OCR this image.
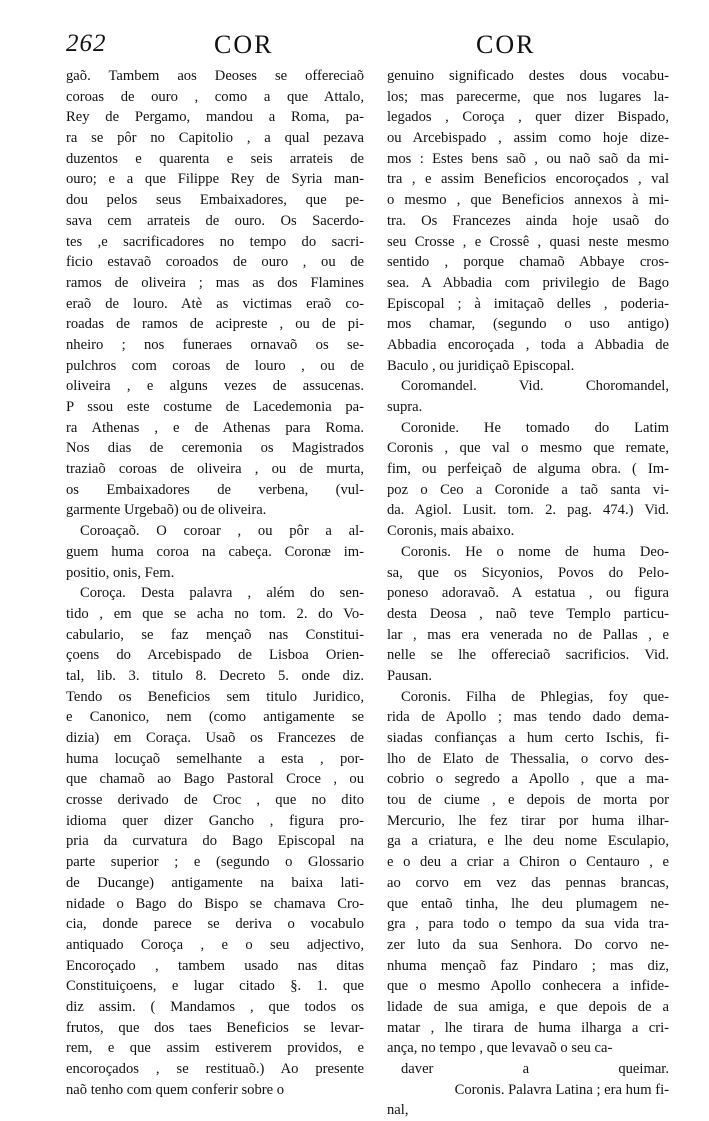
262	COR	COR
gaõ. Tambem aos Deoses se offereciaõ
coroas de ouro , como a que Attalo,
Rey de Pergamo, mandou a Roma, pa-
ra se pôr no Capitolio , a qual pezava
duzentos e quarenta e seis arrateis de
ouro; e a que Filippe Rey de Syria man-
dou pelos seus Embaixadores, que pe-
sava cem arrateis de ouro. Os Sacerdo-
tes ,e sacrificadores no tempo do sacri-
ficio estavaõ coroados de ouro , ou de
ramos de oliveira ; mas as dos Flamines
eraõ de louro. Atè as victimas eraõ co-
roadas de ramos de acipreste , ou de pi-
nheiro ; nos funeraes ornavaõ os se-
pulchros com coroas de louro , ou de
oliveira , e alguns vezes de assucenas.
P ssou este costume de Lacedemonia pa-
ra Athenas , e de Athenas para Roma.
Nos dias de ceremonia os Magistrados
traziaõ coroas de oliveira , ou de murta,
os Embaixadores de verbena, (vul-
garmente Urgebaõ) ou de oliveira.
Coroaçaõ. O coroar , ou pôr a al-
guem huma coroa na cabeça. Coronæ im-
positio, onis, Fem.
Coroça. Desta palavra , além do sen-
tido , em que se acha no tom. 2. do Vo-
cabulario, se faz mençaõ nas Constitui-
çoens do Arcebispado de Lisboa Orien-
tal, lib. 3. titulo 8. Decreto 5. onde diz.
Tendo os Beneficios sem titulo Juridico,
e Canonico, nem (como antigamente se
dizia) em Coraça. Usaõ os Francezes de
huma locuçaõ semelhante a esta , por-
que chamaõ ao Bago Pastoral Croce , ou
crosse derivado de Croc , que no dito
idioma quer dizer Gancho , figura pro-
pria da curvatura do Bago Episcopal na
parte superior ; e (segundo o Glossario
de Ducange) antigamente na baixa lati-
nidade o Bago do Bispo se chamava Cro-
cia, donde parece se deriva o vocabulo
antiquado Coroça , e o seu adjectivo,
Encoroçado , tambem usado nas ditas
Constituiçoens, e lugar citado §. 1. que
diz assim. ( Mandamos , que todos os
frutos, que dos taes Beneficios se levar-
rem, e que assim estiverem providos, e
encoroçados , se restituaõ.) Ao presente
naõ tenho com quem conferir sobre o
genuino significado destes dous vocabu-
los; mas parecerme, que nos lugares la-
legados , Coroça , quer dizer Bispado,
ou Arcebispado , assim como hoje dize-
mos : Estes bens saõ , ou naõ saõ da mi-
tra , e assim Beneficios encoroçados , val
o mesmo , que Beneficios annexos à mi-
tra. Os Francezes ainda hoje usaõ do
seu Crosse , e Crossê , quasi neste mesmo
sentido , porque chamaõ Abbaye cros-
sea. A Abbadia com privilegio de Bago
Episcopal ; à imitaçaõ delles , poderia-
mos chamar, (segundo o uso antigo)
Abbadia encoroçada , toda a Abbadia de
Baculo , ou juridiçaõ Episcopal.
Coromandel. Vid. Choromandel,
supra.
Coronide. He tomado do Latim
Coronis , que val o mesmo que remate,
fim, ou perfeiçaõ de alguma obra. ( Im-
poz o Ceo a Coronide a taõ santa vi-
da. Agiol. Lusit. tom. 2. pag. 474.) Vid.
Coronis, mais abaixo.
Coronis. He o nome de huma Deo-
sa, que os Sicyonios, Povos do Pelo-
poneso adoravaõ. A estatua , ou figura
desta Deosa , naõ teve Templo particu-
lar , mas era venerada no de Pallas , e
nelle se lhe offereciaõ sacrificios. Vid.
Pausan.
Coronis. Filha de Phlegias, foy que-
rida de Apollo ; mas tendo dado dema-
siadas confianças a hum certo Ischis, fi-
lho de Elato de Thessalia, o corvo des-
cobrio o segredo a Apollo , que a ma-
tou de ciume , e depois de morta por
Mercurio, lhe fez tirar por huma ilhar-
ga a criatura, e lhe deu nome Esculapio,
e o deu a criar a Chiron o Centauro , e
ao corvo em vez das pennas brancas,
que entaõ tinha, lhe deu plumagem ne-
gra , para todo o tempo da sua vida tra-
zer luto da sua Senhora. Do corvo ne-
nhuma mençaõ faz Pindaro ; mas diz,
que o mesmo Apollo conhecera a infide-
lidade de sua amiga, e que depois de a
matar , lhe tirara de huma ilharga a cri-
ança, no tempo , que levavaõ o seu ca-
daver a queimar.
Coronis. Palavra Latina ; era hum fi-
nal,
